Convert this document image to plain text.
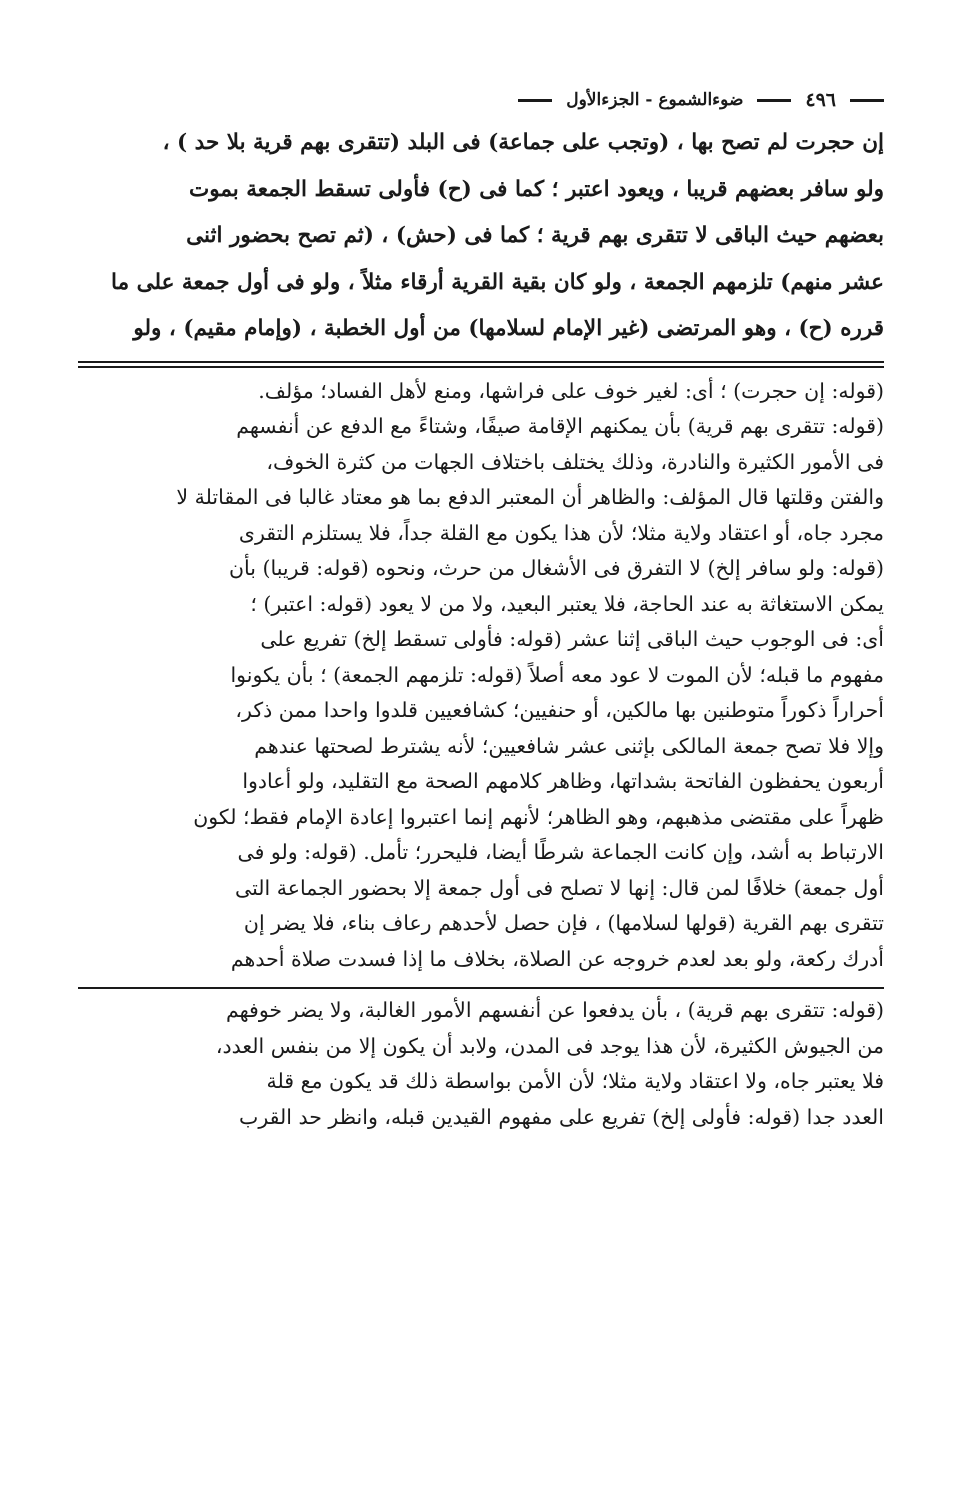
٤٩٦
ضوءالشموع - الجزءالأول

إن حجرت لم تصح بها ، (وتجب على جماعة) فى البلد (تتقرى بهم قرية بلا حد ) ،

ولو سافر بعضهم قريبا ، ويعود اعتبر ؛ كما فى (ح) فأولى تسقط الجمعة بموت

بعضهم حيث الباقى لا تتقرى بهم قرية ؛ كما فى (حش) ، (ثم تصح بحضور اثنى

عشر منهم) تلزمهم الجمعة ، ولو كان بقية القرية أرقاء مثلاً ، ولو فى أول جمعة على ما

قرره (ح) ، وهو المرتضى (غير الإمام لسلامها) من أول الخطبة ، (وإمام مقيم) ، ولو

(قوله: إن حجرت) ؛ أى: لغير خوف على فراشها، ومنع لأهل الفساد؛ مؤلف.

(قوله: تتقرى بهم قرية) بأن يمكنهم الإقامة صيفًا، وشتاءً مع الدفع عن أنفسهم

فى الأمور الكثيرة والنادرة، وذلك يختلف باختلاف الجهات من كثرة الخوف،

والفتن وقلتها قال المؤلف: والظاهر أن المعتبر الدفع بما هو معتاد غالبا فى المقاتلة لا

مجرد جاه، أو اعتقاد ولاية مثلا؛ لأن هذا يكون مع القلة جداً، فلا يستلزم التقرى

(قوله: ولو سافر إلخ) لا التفرق فى الأشغال من حرث، ونحوه (قوله: قريبا) بأن

يمكن الاستغاثة به عند الحاجة، فلا يعتبر البعيد، ولا من لا يعود (قوله: اعتبر) ؛

أى: فى الوجوب حيث الباقى إثنا عشر (قوله: فأولى تسقط إلخ) تفريع على

مفهوم ما قبله؛ لأن الموت لا عود معه أصلاً (قوله: تلزمهم الجمعة) ؛ بأن يكونوا

أحراراً ذكوراً متوطنين بها مالكين، أو حنفيين؛ كشافعيين قلدوا واحدا ممن ذكر،

وإلا فلا تصح جمعة المالكى بإثنى عشر شافعيين؛ لأنه يشترط لصحتها عندهم

أربعون يحفظون الفاتحة بشداتها، وظاهر كلامهم الصحة مع التقليد، ولو أعادوا

ظهراً على مقتضى مذهبهم، وهو الظاهر؛ لأنهم إنما اعتبروا إعادة الإمام فقط؛ لكون

الارتباط به أشد، وإن كانت الجماعة شرطًا أيضا، فليحرر؛ تأمل. (قوله: ولو فى

أول جمعة) خلافًا لمن قال: إنها لا تصلح فى أول جمعة إلا بحضور الجماعة التى

تتقرى بهم القرية (قولها لسلامها) ، فإن حصل لأحدهم رعاف بناء، فلا يضر إن

أدرك ركعة، ولو بعد لعدم خروجه عن الصلاة، بخلاف ما إذا فسدت صلاة أحدهم

(قوله: تتقرى بهم قرية) ، بأن يدفعوا عن أنفسهم الأمور الغالبة، ولا يضر خوفهم

من الجيوش الكثيرة، لأن هذا يوجد فى المدن، ولابد أن يكون إلا من بنفس العدد،

فلا يعتبر جاه، ولا اعتقاد ولاية مثلا؛ لأن الأمن بواسطة ذلك قد يكون مع قلة

العدد جدا (قوله: فأولى إلخ) تفريع على مفهوم القيدين قبله، وانظر حد القرب
